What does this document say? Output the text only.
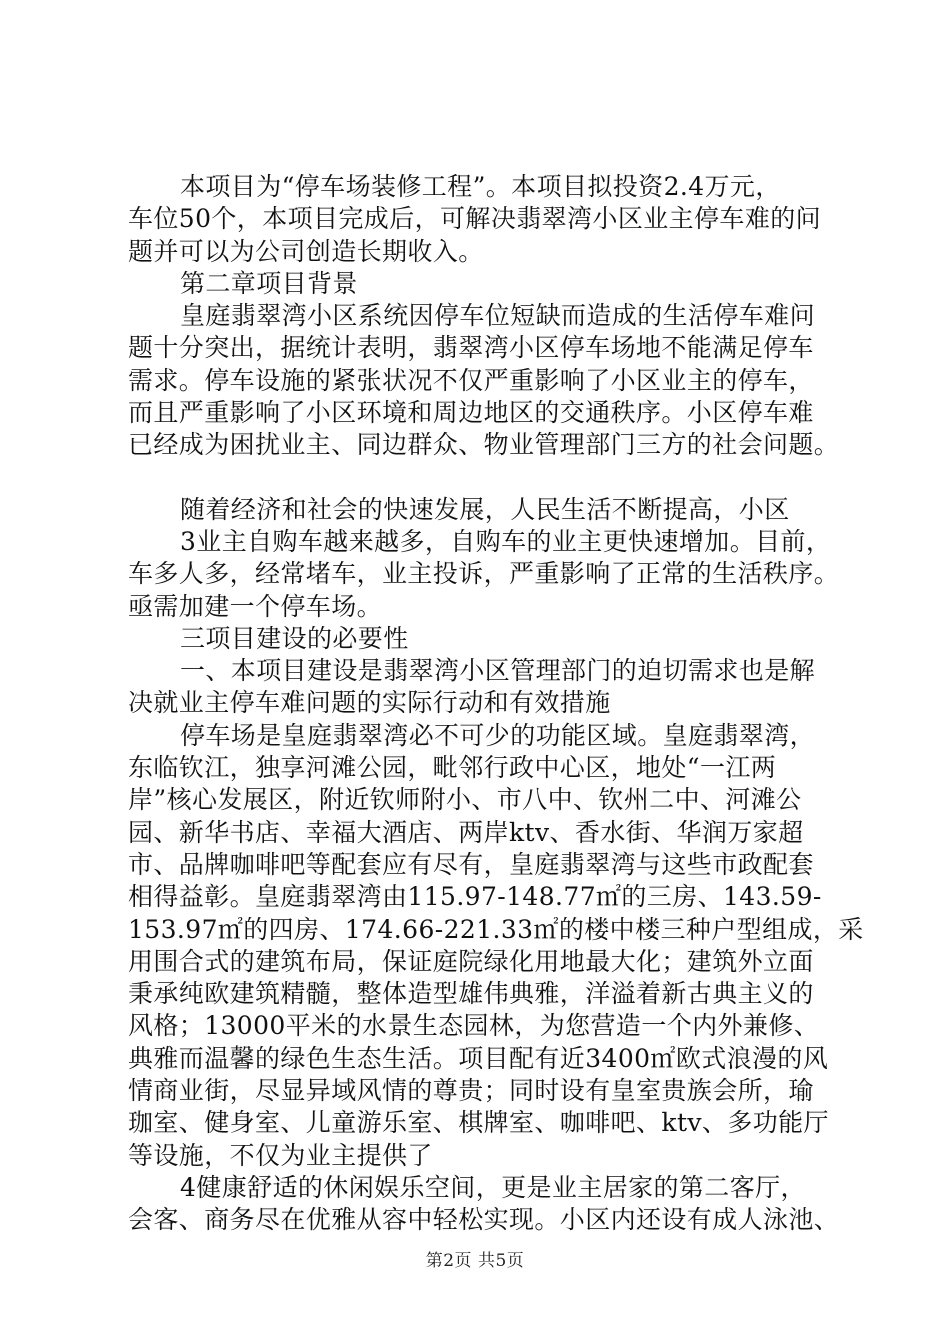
本项目为“停车场装修工程”。本项目拟投资2.4万元，
车位50个，本项目完成后，可解决翡翠湾小区业主停车难的问
题并可以为公司创造长期收入。
第二章项目背景
皇庭翡翠湾小区系统因停车位短缺而造成的生活停车难问
题十分突出，据统计表明，翡翠湾小区停车场地不能满足停车
需求。停车设施的紧张状况不仅严重影响了小区业主的停车，
而且严重影响了小区环境和周边地区的交通秩序。小区停车难
已经成为困扰业主、同边群众、物业管理部门三方的社会问题。
随着经济和社会的快速发展，人民生活不断提高，小区
3业主自购车越来越多，自购车的业主更快速增加。目前，
车多人多，经常堵车，业主投诉，严重影响了正常的生活秩序。
亟需加建一个停车场。
三项目建设的必要性
一、本项目建设是翡翠湾小区管理部门的迫切需求也是解
决就业主停车难问题的实际行动和有效措施
停车场是皇庭翡翠湾必不可少的功能区域。皇庭翡翠湾，
东临钦江，独享河滩公园，毗邻行政中心区，地处“一江两
岸”核心发展区，附近钦师附小、市八中、钦州二中、河滩公
园、新华书店、幸福大酒店、两岸ktv、香水街、华润万家超
市、品牌咖啡吧等配套应有尽有，皇庭翡翠湾与这些市政配套
相得益彰。皇庭翡翠湾由115.97-148.77㎡的三房、143.59-
153.97㎡的四房、174.66-221.33㎡的楼中楼三种户型组成，采
用围合式的建筑布局，保证庭院绿化用地最大化；建筑外立面
秉承纯欧建筑精髓，整体造型雄伟典雅，洋溢着新古典主义的
风格；13000平米的水景生态园林，为您营造一个内外兼修、
典雅而温馨的绿色生态生活。项目配有近3400㎡欧式浪漫的风
情商业街，尽显异域风情的尊贵；同时设有皇室贵族会所，瑜
珈室、健身室、儿童游乐室、棋牌室、咖啡吧、ktv、多功能厅
等设施，不仅为业主提供了
4健康舒适的休闲娱乐空间，更是业主居家的第二客厅，
会客、商务尽在优雅从容中轻松实现。小区内还设有成人泳池、
第2页 共5页
